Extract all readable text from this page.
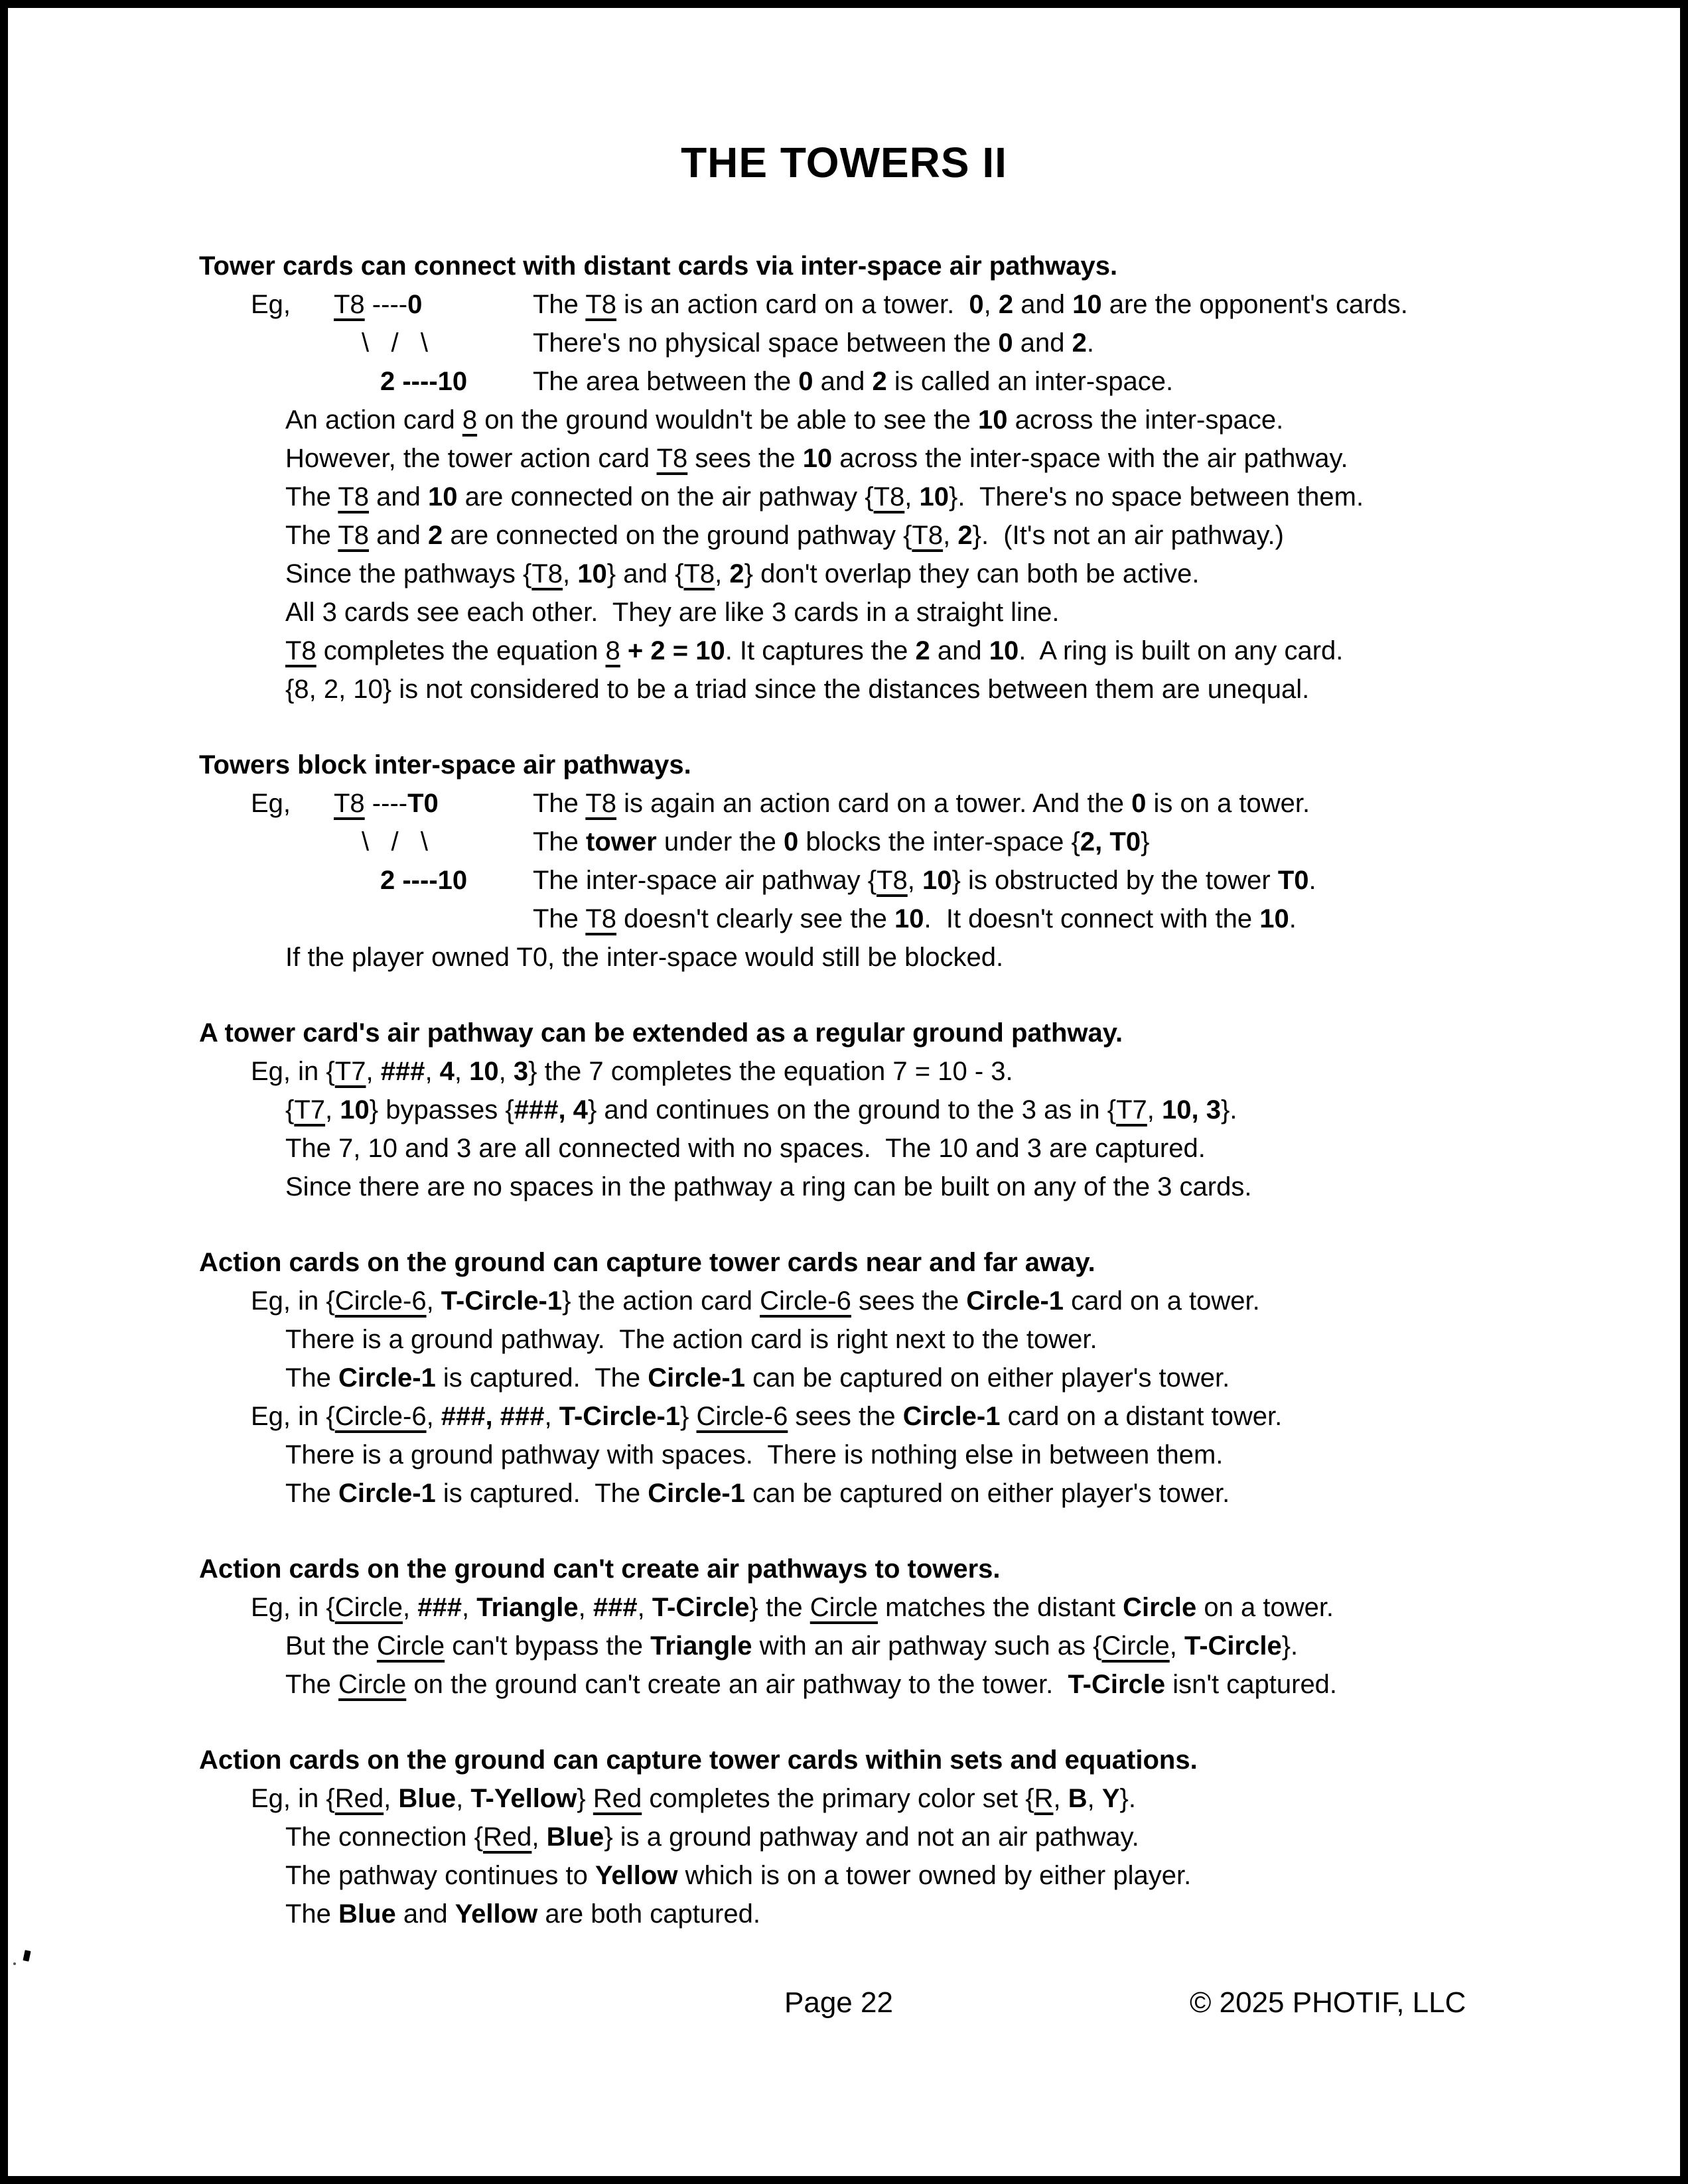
THE TOWERS II
Tower cards can connect with distant cards via inter-space air pathways.
Eg,	T8 ----0	The T8 is an action card on a tower.  0, 2 and 10 are the opponent's cards.
\   /   \	There's no physical space between the 0 and 2.
2 ----10	The area between the 0 and 2 is called an inter-space.
An action card 8 on the ground wouldn't be able to see the 10 across the inter-space.
However, the tower action card T8 sees the 10 across the inter-space with the air pathway.
The T8 and 10 are connected on the air pathway {T8, 10}.  There's no space between them.
The T8 and 2 are connected on the ground pathway {T8, 2}.  (It's not an air pathway.)
Since the pathways {T8, 10} and {T8, 2} don't overlap they can both be active.
All 3 cards see each other.  They are like 3 cards in a straight line.
T8 completes the equation 8 + 2 = 10. It captures the 2 and 10.  A ring is built on any card.
{8, 2, 10} is not considered to be a triad since the distances between them are unequal.
Towers block inter-space air pathways.
Eg,	T8 ----T0	The T8 is again an action card on a tower. And the 0 is on a tower.
\   /   \	The tower under the 0 blocks the inter-space {2, T0}
2 ----10	The inter-space air pathway {T8, 10} is obstructed by the tower T0.
The T8 doesn't clearly see the 10.  It doesn't connect with the 10.
If the player owned T0, the inter-space would still be blocked.
A tower card's air pathway can be extended as a regular ground pathway.
Eg, in {T7, ###, 4, 10, 3} the 7 completes the equation 7 = 10 - 3.
{T7, 10} bypasses {###, 4} and continues on the ground to the 3 as in {T7, 10, 3}.
The 7, 10 and 3 are all connected with no spaces.  The 10 and 3 are captured.
Since there are no spaces in the pathway a ring can be built on any of the 3 cards.
Action cards on the ground can capture tower cards near and far away.
Eg, in {Circle-6, T-Circle-1} the action card Circle-6 sees the Circle-1 card on a tower.
There is a ground pathway.  The action card is right next to the tower.
The Circle-1 is captured.  The Circle-1 can be captured on either player's tower.
Eg, in {Circle-6, ###, ###, T-Circle-1} Circle-6 sees the Circle-1 card on a distant tower.
There is a ground pathway with spaces.  There is nothing else in between them.
The Circle-1 is captured.  The Circle-1 can be captured on either player's tower.
Action cards on the ground can't create air pathways to towers.
Eg, in {Circle, ###, Triangle, ###, T-Circle} the Circle matches the distant Circle on a tower.
But the Circle can't bypass the Triangle with an air pathway such as {Circle, T-Circle}.
The Circle on the ground can't create an air pathway to the tower.  T-Circle isn't captured.
Action cards on the ground can capture tower cards within sets and equations.
Eg, in {Red, Blue, T-Yellow} Red completes the primary color set {R, B, Y}.
The connection {Red, Blue} is a ground pathway and not an air pathway.
The pathway continues to Yellow which is on a tower owned by either player.
The Blue and Yellow are both captured.
Page 22	© 2025 PHOTIF, LLC
